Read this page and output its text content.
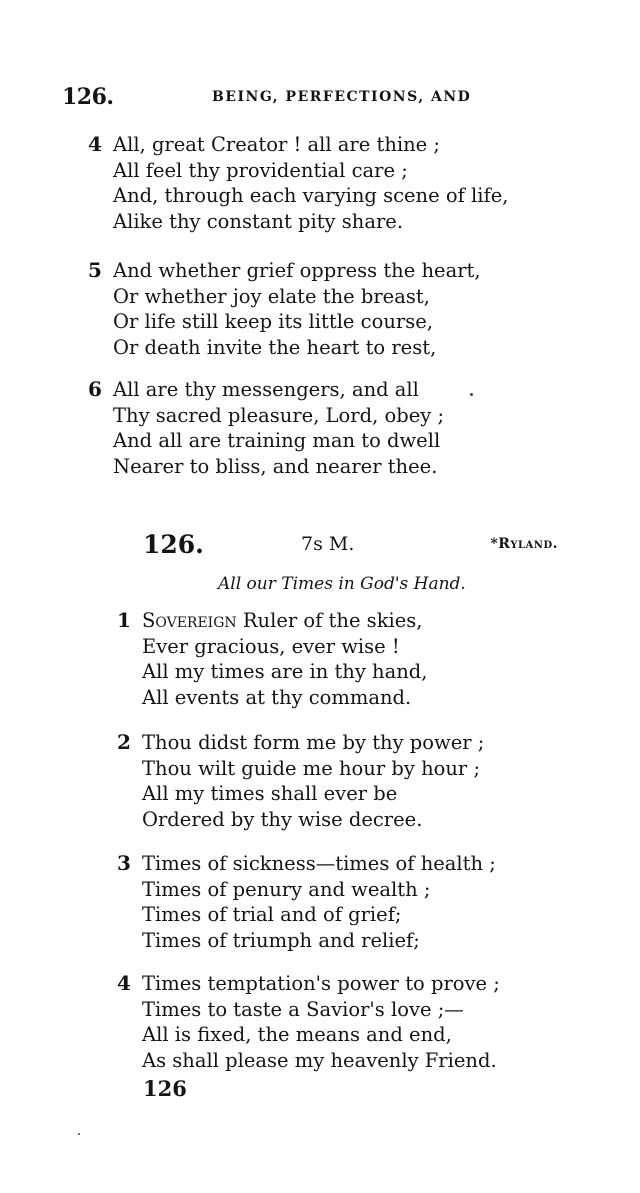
126.	BEING, PERFECTIONS, AND
4 All, great Creator ! all are thine ;
All feel thy providential care ;
And, through each varying scene of life,
Alike thy constant pity share.
5 And whether grief oppress the heart,
Or whether joy elate the breast,
Or life still keep its little course,
Or death invite the heart to rest,
6 All are thy messengers, and all
Thy sacred pleasure, Lord, obey ;
And all are training man to dwell
Nearer to bliss, and nearer thee.
126.	7s M.	*Ryland.
All our Times in God's Hand.
1 Sovereign Ruler of the skies,
Ever gracious, ever wise !
All my times are in thy hand,
All events at thy command.
2 Thou didst form me by thy power ;
Thou wilt guide me hour by hour ;
All my times shall ever be
Ordered by thy wise decree.
3 Times of sickness—times of health ;
Times of penury and wealth ;
Times of trial and of grief;
Times of triumph and relief;
4 Times temptation's power to prove ;
Times to taste a Savior's love ;—
All is fixed, the means and end,
As shall please my heavenly Friend.
126
